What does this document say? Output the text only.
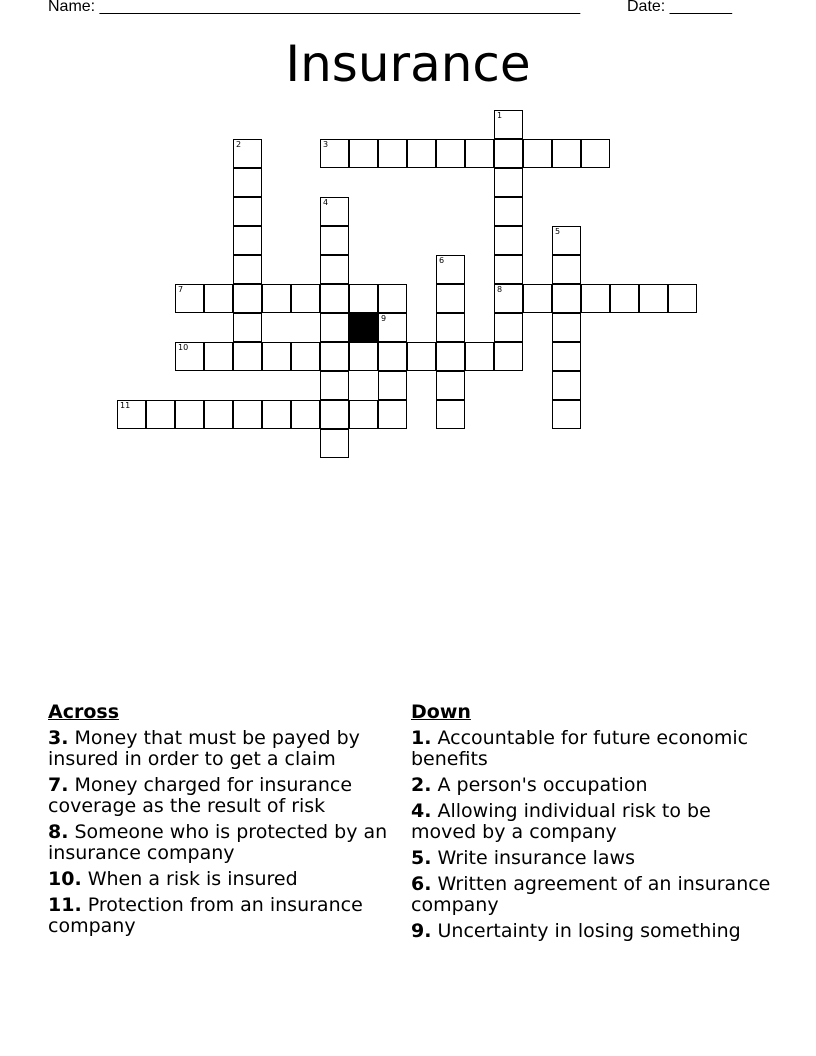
Name: ______________________________________________________	Date: _______
Insurance
1
8
2	3
4
5
6
7
9
10
11
Across
3. Money that must be payed by insured in order to get a claim
7. Money charged for insurance coverage as the result of risk
8. Someone who is protected by an insurance company
10. When a risk is insured
11. Protection from an insurance company
Down
1. Accountable for future economic benefits
2. A person's occupation
4. Allowing individual risk to be moved by a company
5. Write insurance laws
6. Written agreement of an insurance company
9. Uncertainty in losing something
